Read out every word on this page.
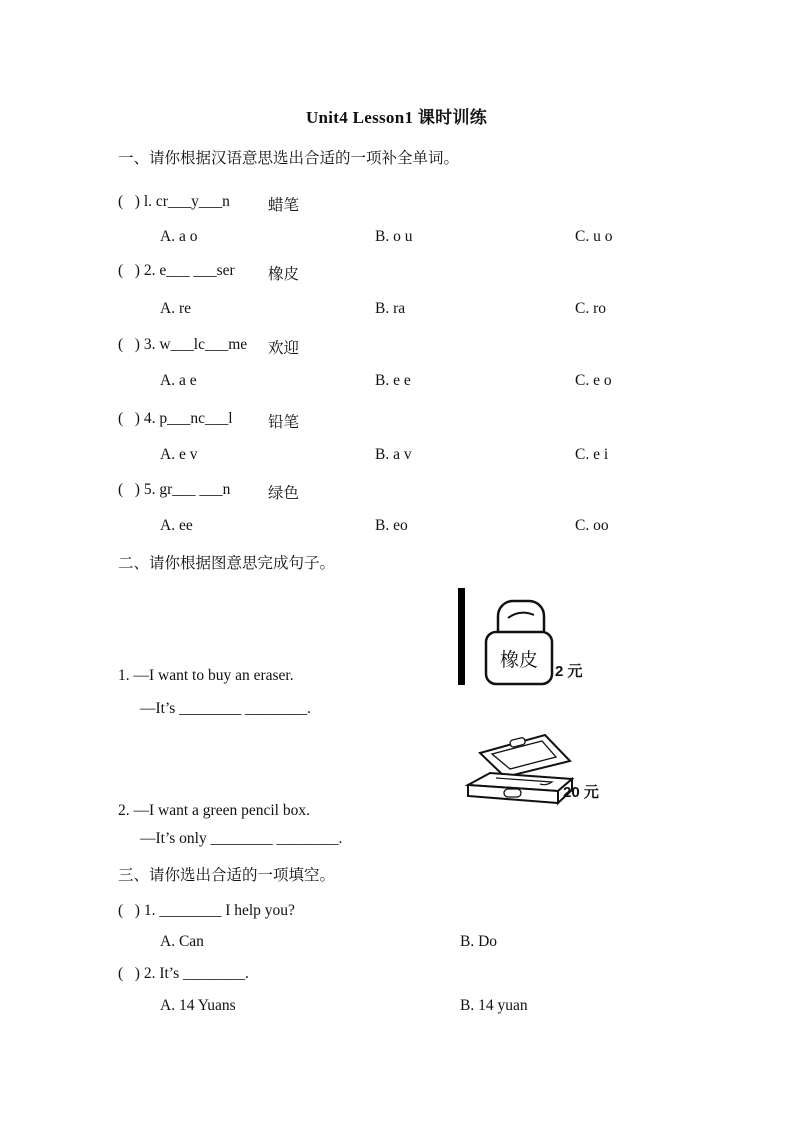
Unit4 Lesson1 课时训练
一、请你根据汉语意思选出合适的一项补全单词。
(   ) l. cr___y___n 蜡笔
A. a o	B. o u	C. u o
(   ) 2. e___ ___ser 橡皮
A. re	B. ra	C. ro
(   ) 3. w___lc___me 欢迎
A. a e	B. e e	C. e o
(   ) 4. p___nc___l 铅笔
A. e v	B. a v	C. e i
(   ) 5. gr___ ___n 绿色
A. ee	B. eo	C. oo
二、请你根据图意思完成句子。
橡皮
2 元
1. —I want to buy an eraser.
—It’s ________ ________.
20 元
2. —I want a green pencil box.
—It’s only ________ ________.
三、请你选出合适的一项填空。
(   ) 1. ________ I help you?
A. Can	B. Do
(   ) 2. It’s ________.
A. 14 Yuans	B. 14 yuan
